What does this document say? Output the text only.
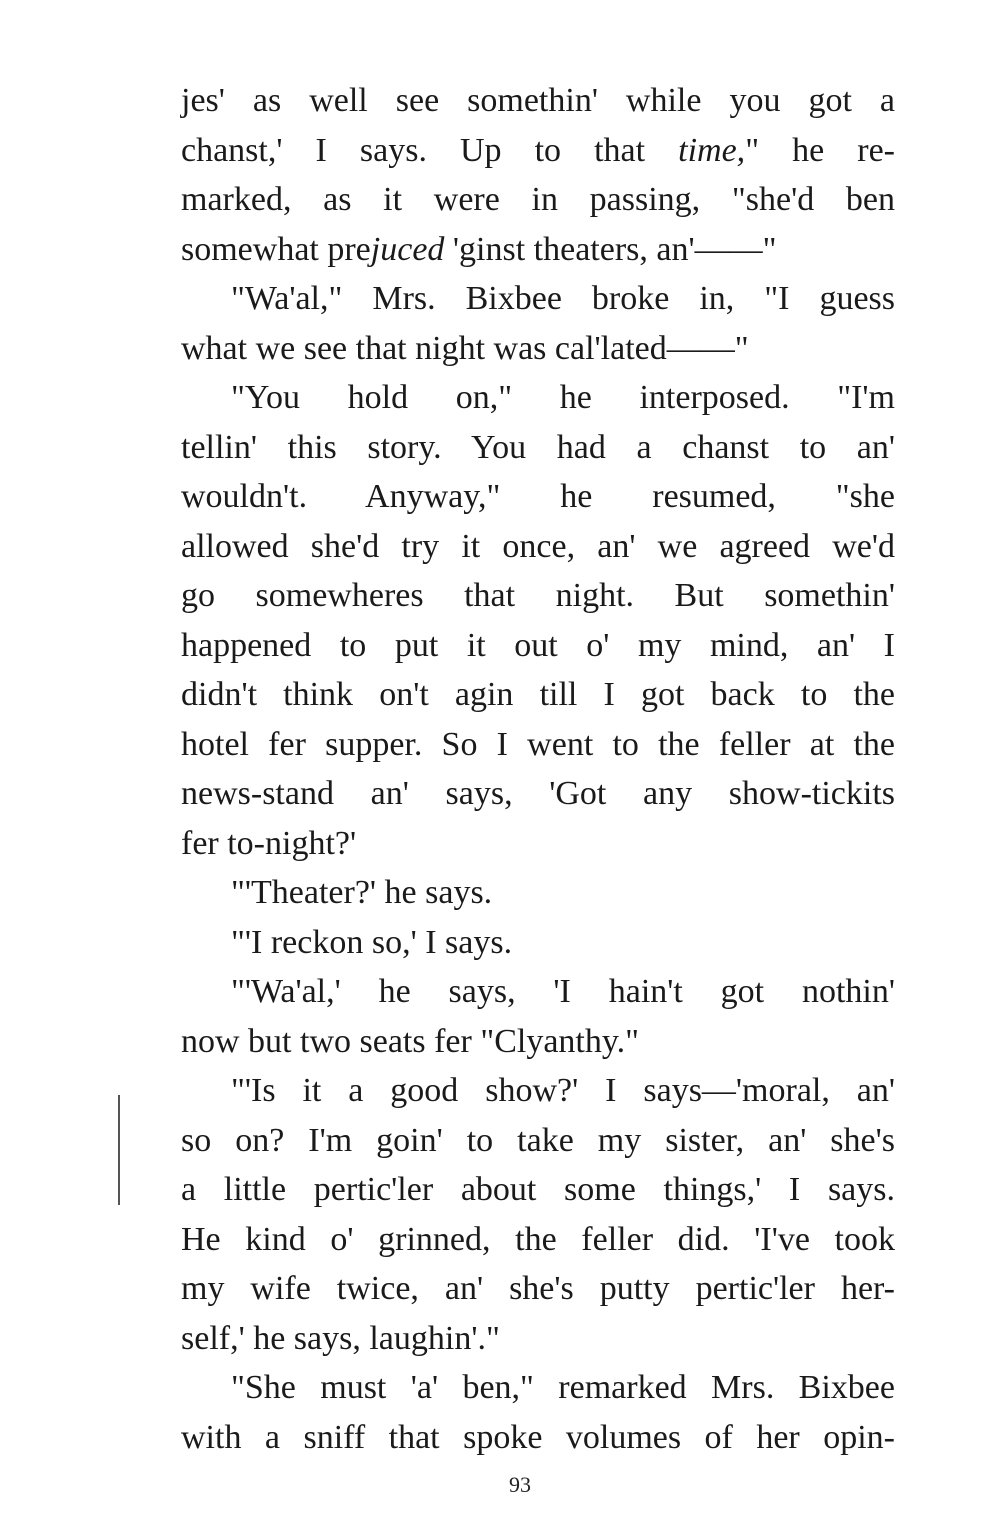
jes' as well see somethin' while you got a
chanst,' I says. Up to that time," he re-
marked, as it were in passing, "she'd ben
somewhat prejuced 'ginst theaters, an'——"
"Wa'al," Mrs. Bixbee broke in, "I guess
what we see that night was cal'lated——"
"You hold on," he interposed. "I'm
tellin' this story. You had a chanst to an'
wouldn't. Anyway," he resumed, "she
allowed she'd try it once, an' we agreed we'd
go somewheres that night. But somethin'
happened to put it out o' my mind, an' I
didn't think on't agin till I got back to the
hotel fer supper. So I went to the feller at the
news-stand an' says, 'Got any show-tickits
fer to-night?'
"'Theater?' he says.
"'I reckon so,' I says.
"'Wa'al,' he says, 'I hain't got nothin'
now but two seats fer "Clyanthy."
"'Is it a good show?' I says—'moral, an'
so on? I'm goin' to take my sister, an' she's
a little pertic'ler about some things,' I says.
He kind o' grinned, the feller did. 'I've took
my wife twice, an' she's putty pertic'ler her-
self,' he says, laughin'."
"She must 'a' ben," remarked Mrs. Bixbee
with a sniff that spoke volumes of her opin-
93
